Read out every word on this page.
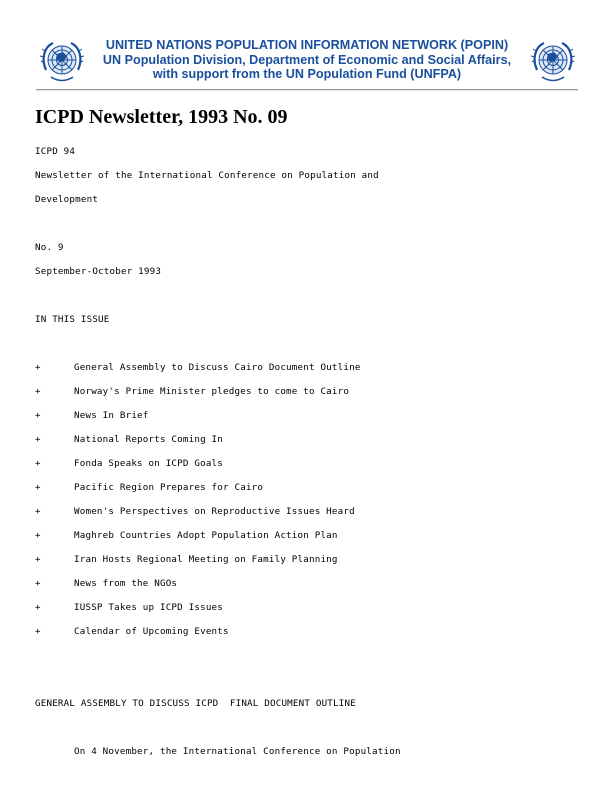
UNITED NATIONS POPULATION INFORMATION NETWORK (POPIN)
UN Population Division, Department of Economic and Social Affairs,
with support from the UN Population Fund (UNFPA)
ICPD Newsletter, 1993 No. 09
ICPD 94
Newsletter of the International Conference on Population and
Development
No. 9
September-October 1993
IN THIS ISSUE
+	General Assembly to Discuss Cairo Document Outline
+	Norway's Prime Minister pledges to come to Cairo
+	News In Brief
+	National Reports Coming In
+	Fonda Speaks on ICPD Goals
+	Pacific Region Prepares for Cairo
+	Women's Perspectives on Reproductive Issues Heard
+	Maghreb Countries Adopt Population Action Plan
+	Iran Hosts Regional Meeting on Family Planning
+	News from the NGOs
+	IUSSP Takes up ICPD Issues
+	Calendar of Upcoming Events
GENERAL ASSEMBLY TO DISCUSS ICPD  FINAL DOCUMENT OUTLINE
On 4 November, the International Conference on Population
